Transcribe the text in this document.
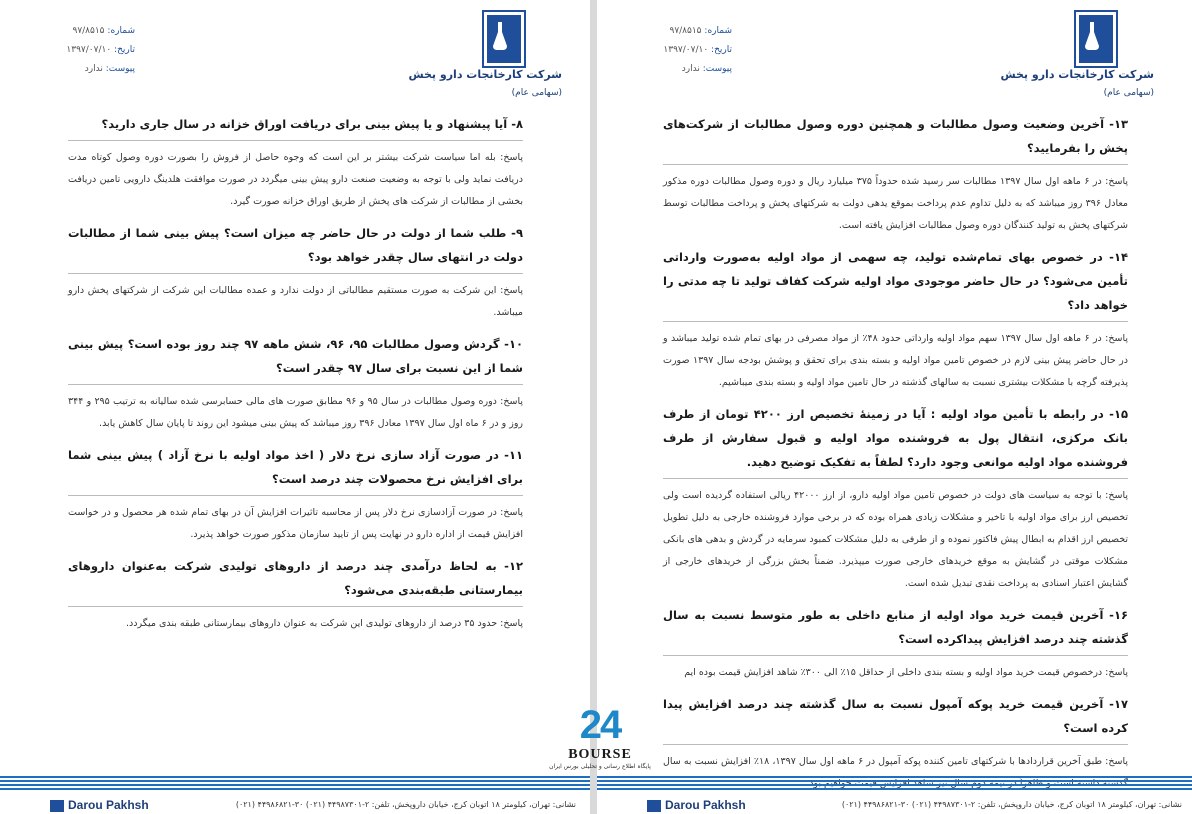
شماره: ۹۷/۸۵۱۵
تاریخ: ۱۳۹۷/۰۷/۱۰
پیوست: ندارد	شرکت کارخانجات دارو پخش
(سهامی عام)
۸- آیا پیشنهاد و یا پیش بینی برای دریافت اوراق خزانه در سال جاری دارید؟
پاسخ: بله اما سیاست شرکت بیشتر بر این است که وجوه حاصل از فروش را بصورت دوره وصول کوتاه مدت دریافت نماید ولی با توجه به وضعیت صنعت دارو پیش بینی میگردد در صورت موافقت هلدینگ دارویی تامین دریافت بخشی از مطالبات از شرکت های پخش از طریق اوراق خزانه صورت گیرد.
۹- طلب شما از دولت در حال حاضر چه میزان است؟ پیش بینی شما از مطالبات دولت در انتهای سال چقدر خواهد بود؟
پاسخ: این شرکت به صورت مستقیم مطالباتی از دولت ندارد و عمده مطالبات این شرکت از شرکتهای پخش دارو میباشد.
۱۰- گردش وصول مطالبات ۹۵، ۹۶، شش ماهه ۹۷ چند روز بوده است؟ پیش بینی شما از این نسبت برای سال ۹۷ چقدر است؟
پاسخ: دوره وصول مطالبات در سال ۹۵ و ۹۶ مطابق صورت های مالی حسابرسی شده سالیانه به ترتیب ۲۹۵ و ۳۴۴ روز و در ۶ ماه اول سال ۱۳۹۷ معادل ۳۹۶ روز میباشد که پیش بینی میشود این روند تا پایان سال کاهش یابد.
۱۱- در صورت آزاد سازی نرخ دلار ( اخذ مواد اولیه با نرخ آزاد ) پیش بینی شما برای افزایش نرخ محصولات چند درصد است؟
پاسخ: در صورت آزادسازی نرخ دلار پس از محاسبه تاثیرات افزایش آن در بهای تمام شده هر محصول و در خواست افزایش قیمت از اداره دارو در نهایت پس از تایید سازمان مذکور صورت خواهد پذیرد.
۱۲- به لحاظ درآمدی چند درصد از داروهای تولیدی شرکت به‌عنوان داروهای بیمارستانی طبقه‌بندی می‌شود؟
پاسخ: حدود ۳۵ درصد از داروهای تولیدی این شرکت به عنوان داروهای بیمارستانی طبقه بندی میگردد.
Darou Pakhsh	نشانی: تهران، کیلومتر ۱۸ اتوبان کرج، خیابان داروپخش، تلفن: ۲-۴۴۹۸۷۳۰۱ (۰۲۱) ۳۰-۴۴۹۸۶۸۲۱ (۰۲۱)
شماره: ۹۷/۸۵۱۵
تاریخ: ۱۳۹۷/۰۷/۱۰
پیوست: ندارد	شرکت کارخانجات دارو پخش
(سهامی عام)
۱۳- آخرین وضعیت وصول مطالبات و همچنین دوره وصول مطالبات از شرکت‌های پخش را بفرمایید؟
پاسخ: در ۶ ماهه اول سال ۱۳۹۷ مطالبات سر رسید شده حدوداً ۳۷۵ میلیارد ریال و دوره وصول مطالبات دوره مذکور معادل ۳۹۶ روز میباشد که به دلیل تداوم عدم پرداخت بموقع یدهی دولت به شرکتهای پخش و پرداخت مطالبات توسط شرکتهای پخش به تولید کنندگان دوره وصول مطالبات افزایش یافته است.
۱۴- در خصوص بهای تمام‌شده تولید، چه سهمی از مواد اولیه به‌صورت وارداتی تأمین می‌شود؟ در حال حاضر موجودی مواد اولیه شرکت کفاف تولید تا چه مدتی را خواهد داد؟
پاسخ: در ۶ ماهه اول سال ۱۳۹۷ سهم مواد اولیه وارداتی حدود ۴۸٪ از مواد مصرفی در بهای تمام شده تولید میباشد و در حال حاضر پیش بینی لازم در خصوص تامین مواد اولیه و بسته بندی برای تحقق و پوشش بودجه سال ۱۳۹۷ صورت پذیرفته گرچه با مشکلات بیشتری نسبت به سالهای گذشته در حال تامین مواد اولیه و بسته بندی میباشیم.
۱۵- در رابطه با تأمین مواد اولیه : آیا در زمینهٔ تخصیص ارز ۴۲۰۰ تومان از طرف بانک مرکزی، انتقال پول به فروشنده مواد اولیه و قبول سفارش از طرف فروشنده مواد اولیه موانعی وجود دارد؟ لطفاً به تفکیک توضیح دهید.
پاسخ: با توجه به سیاست های دولت در خصوص تامین مواد اولیه دارو، از ارز ۴۲۰۰۰ ریالی استفاده گردیده است ولی تخصیص ارز برای مواد اولیه با تاخیر و مشکلات زیادی همراه بوده که در برخی موارد فروشنده خارجی به دلیل تطویل تخصیص ارز اقدام به ابطال پیش فاکتور نموده و از طرفی به دلیل مشکلات کمبود سرمایه در گردش و بدهی های بانکی مشکلات موقتی در گشایش به موقع خریدهای خارجی صورت میپذیرد. ضمناً بخش بزرگی از خریدهای خارجی از گشایش اعتبار اسنادی به پرداخت نقدی تبدیل شده است.
۱۶- آخرین قیمت خرید مواد اولیه از منابع داخلی به طور متوسط نسبت به سال گذشته چند درصد افزایش پیداکرده است؟
پاسخ: درخصوص قیمت خرید مواد اولیه و بسته بندی داخلی از حداقل ۱۵٪ الی ۳۰۰٪ شاهد افزایش قیمت بوده ایم
۱۷- آخرین قیمت خرید پوکه آمپول نسبت به سال گذشته چند درصد افزایش پیدا کرده است؟
پاسخ: طبق آخرین قراردادها با شرکتهای تامین کننده پوکه آمپول در ۶ ماهه اول سال ۱۳۹۷، ۱۸٪ افزایش نسبت به سال
Darou Pakhsh	نشانی: تهران، کیلومتر ۱۸ اتوبان کرج، خیابان داروپخش، تلفن: ۲-۴۴۹۸۷۳۰۱ (۰۲۱) ۳۰-۴۴۹۸۶۸۲۱ (۰۲۱)
24
BOURSE
پایگاه اطلاع رسانی و تحلیلی بورس ایران
